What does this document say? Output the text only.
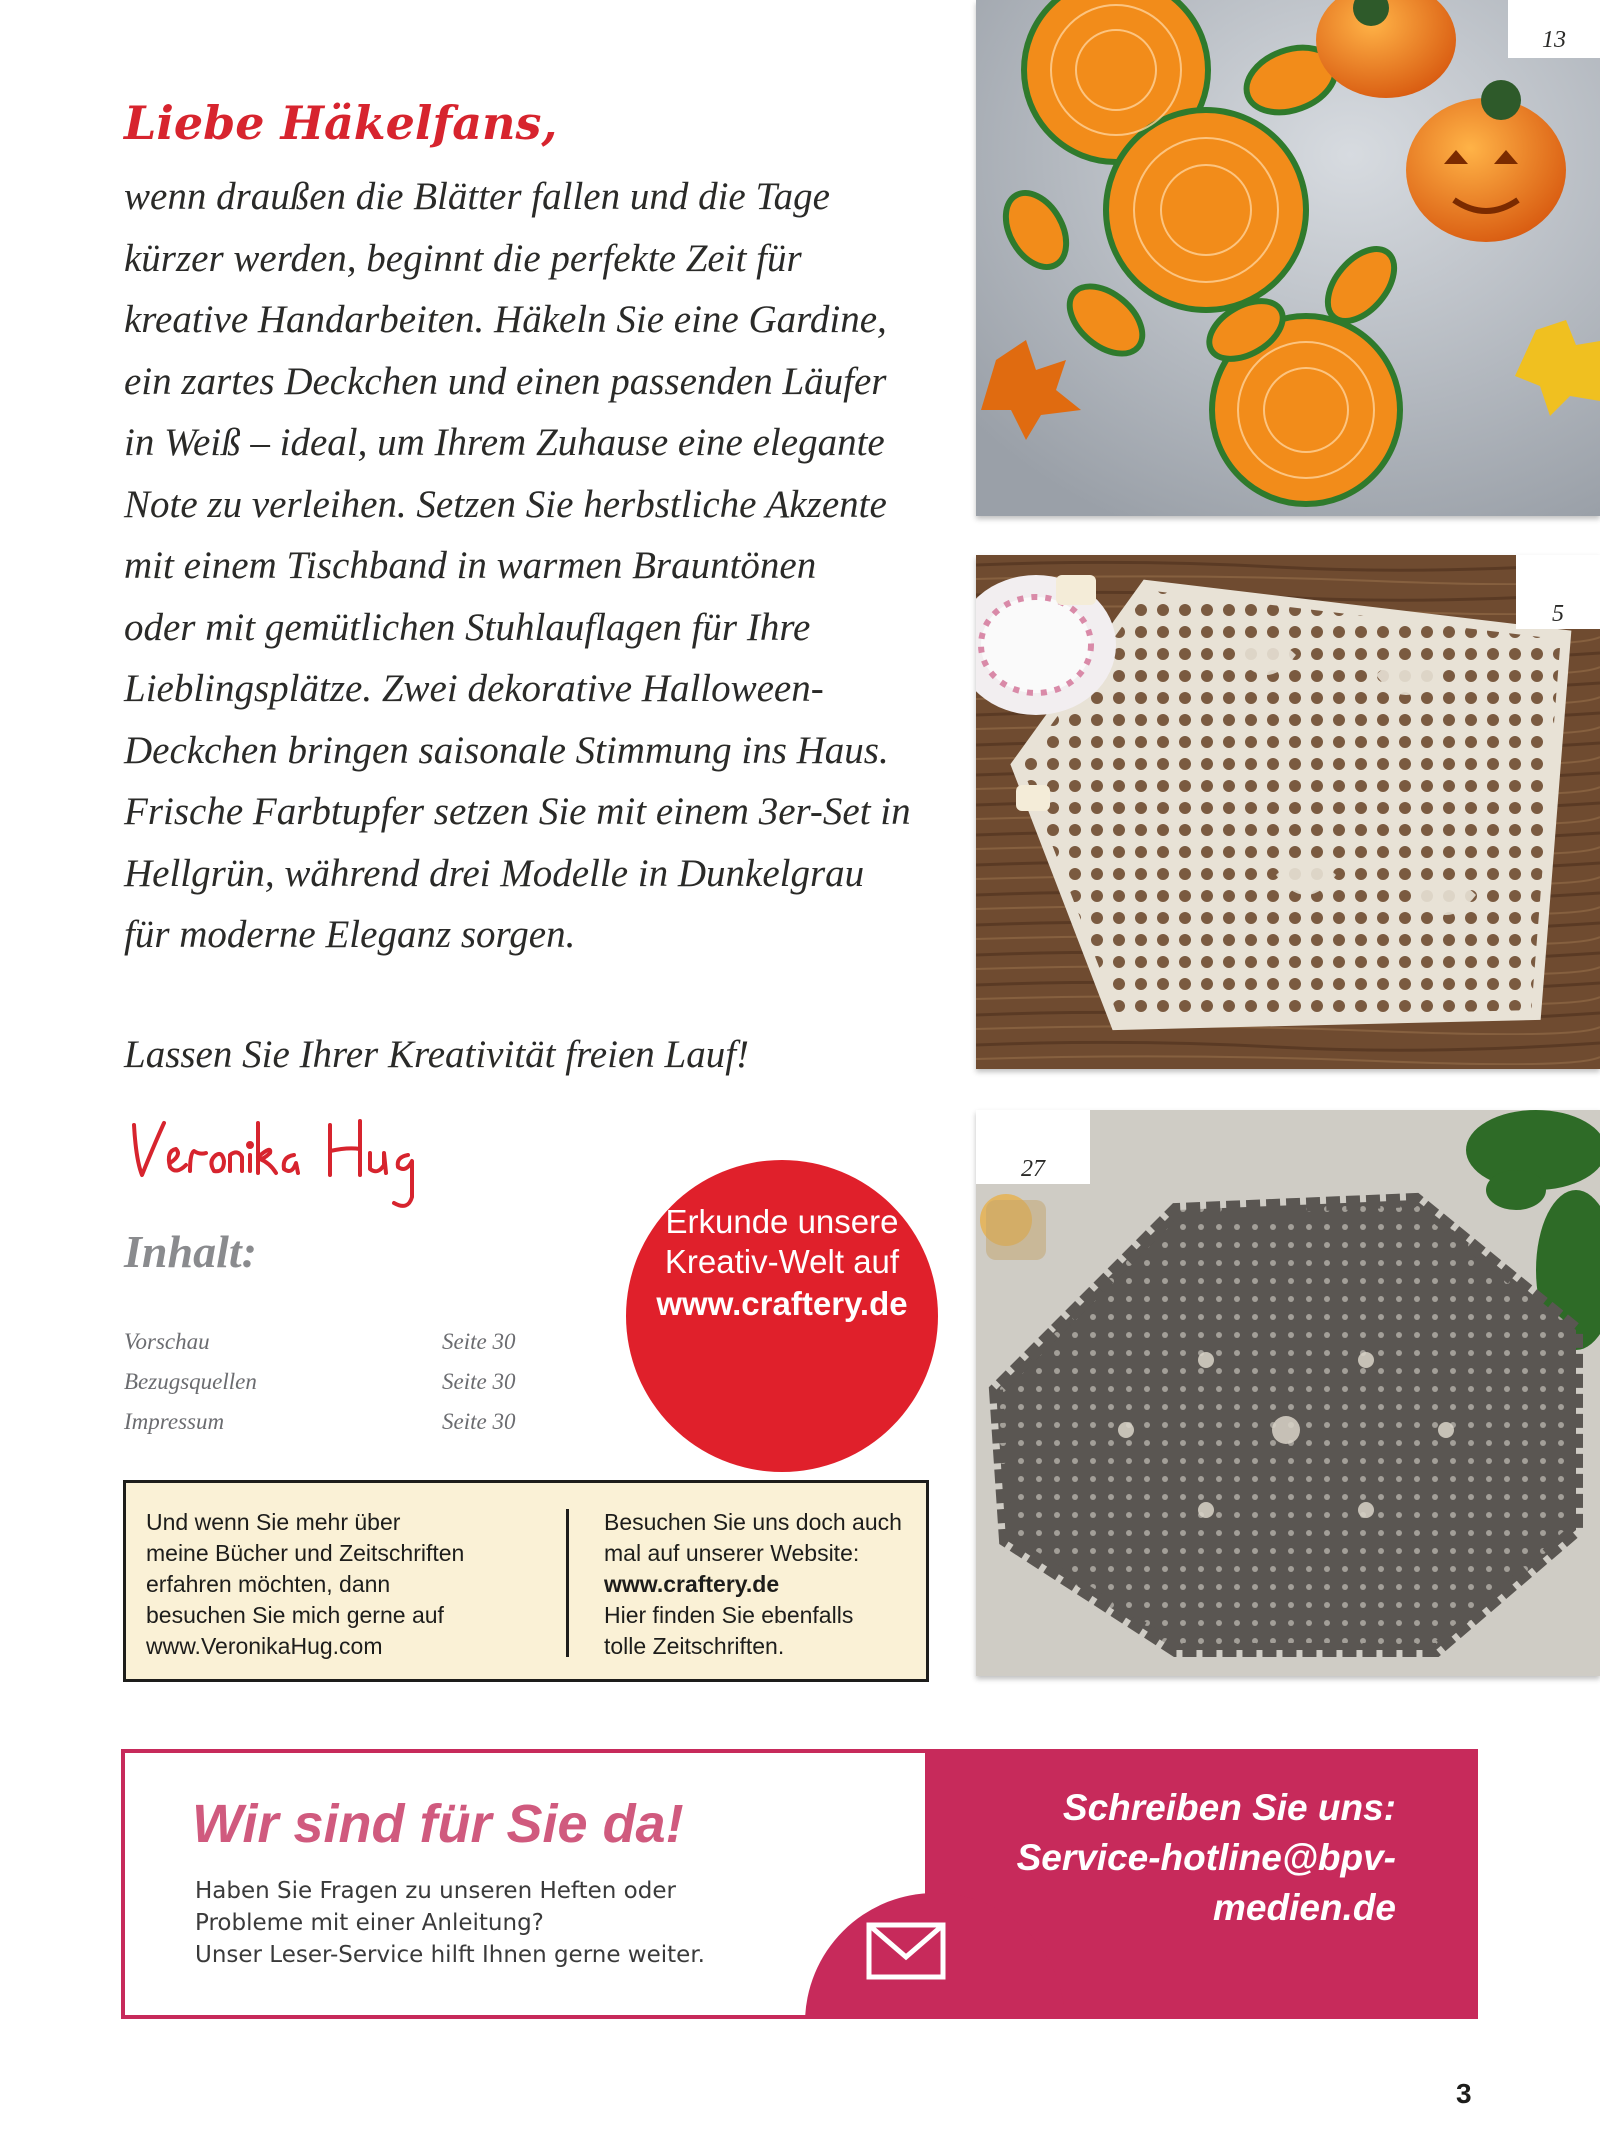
Liebe Häkelfans,

wenn draußen die Blätter fallen und die Tage

kürzer werden, beginnt die perfekte Zeit für

kreative Handarbeiten. Häkeln Sie eine Gardine,

ein zartes Deckchen und einen passenden Läufer

in Weiß – ideal, um Ihrem Zuhause eine elegante

Note zu verleihen. Setzen Sie herbstliche Akzente

mit einem Tischband in warmen Brauntönen

oder mit gemütlichen Stuhlauflagen für Ihre

Lieblingsplätze. Zwei dekorative Halloween-

Deckchen bringen saisonale Stimmung ins Haus.

Frische Farbtupfer setzen Sie mit einem 3er-Set in

Hellgrün, während drei Modelle in Dunkelgrau

für moderne Eleganz sorgen.

Lassen Sie Ihrer Kreativität freien Lauf!
Inhalt:
Vorschau	Seite 30
Bezugsquellen	Seite 30
Impressum	Seite 30
Erkunde unsere
Kreativ-Welt auf
www.craftery.de
Und wenn Sie mehr über
meine Bücher und Zeitschriften
erfahren möchten, dann
besuchen Sie mich gerne auf
www.VeronikaHug.com
Besuchen Sie uns doch auch
mal auf unserer Website:
www.craftery.de
Hier finden Sie ebenfalls
tolle Zeitschriften.
13
5
27
Wir sind für Sie da!

Haben Sie Fragen zu unseren Heften oder

Probleme mit einer Anleitung?

Unser Leser-Service hilft Ihnen gerne weiter.

Schreiben Sie uns:
Service-hotline@bpv-
medien.de
3
